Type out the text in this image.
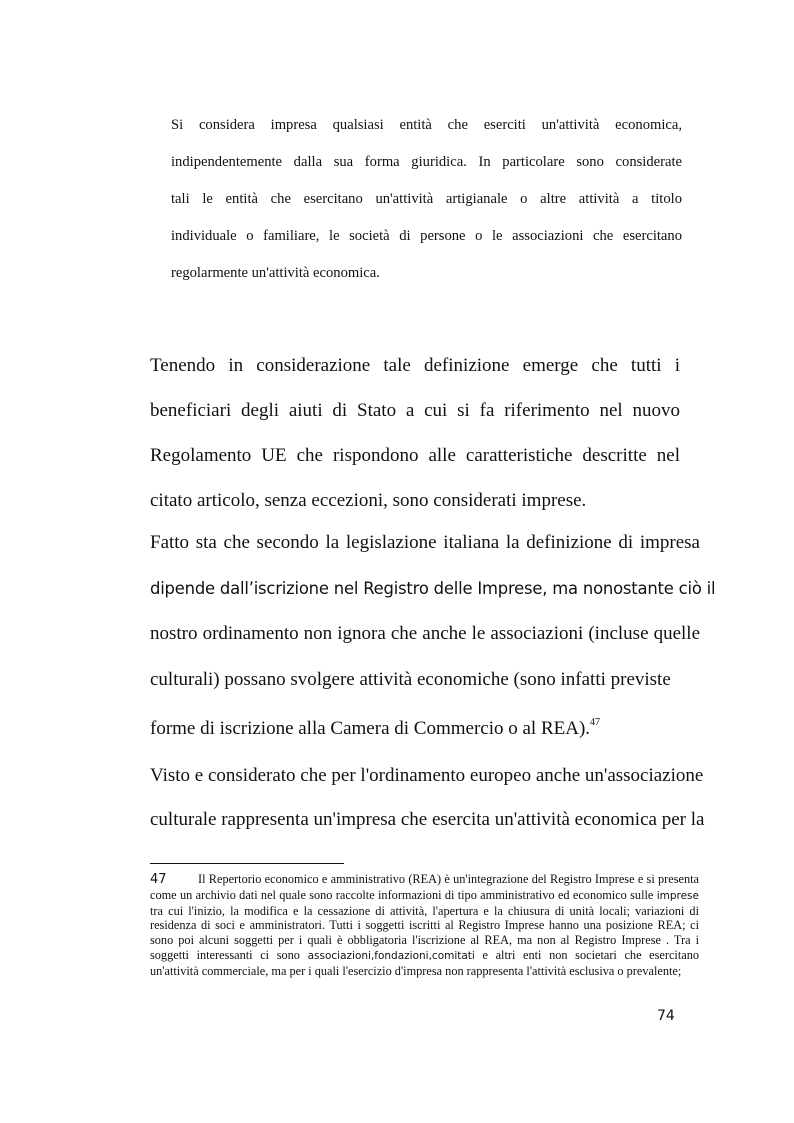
Si considera impresa qualsiasi entità che eserciti un'attività economica,
indipendentemente dalla sua forma giuridica. In particolare sono considerate
tali le entità che esercitano un'attività artigianale o altre attività a titolo
individuale o familiare, le società di persone o le associazioni che esercitano
regolarmente un'attività economica.

Tenendo in considerazione tale definizione emerge che tutti i
beneficiari degli aiuti di Stato a cui si fa riferimento nel nuovo
Regolamento UE che rispondono alle caratteristiche descritte nel
citato articolo, senza eccezioni, sono considerati imprese.

Fatto sta che secondo la legislazione italiana la definizione di impresa
dipende dall’iscrizione nel Registro delle Imprese, ma nonostante ciò il
nostro ordinamento non ignora che anche le associazioni (incluse quelle
culturali) possano svolgere attività economiche (sono infatti previste
forme di iscrizione alla Camera di Commercio o al REA).$^{47}$

Visto e considerato che per l'ordinamento europeo anche un'associazione
culturale rappresenta un'impresa che esercita un'attività economica per la

47	Il Repertorio economico e amministrativo (REA) è un'integrazione del Registro Imprese e si presenta come un archivio dati nel quale sono raccolte informazioni di tipo amministrativo ed economico sulle imprese tra cui l'inizio, la modifica e la cessazione di attività, l'apertura e la chiusura di unità locali; variazioni di residenza di soci e amministratori. Tutti i soggetti iscritti al Registro Imprese hanno una posizione REA; ci sono poi alcuni soggetti per i quali è obbligatoria l'iscrizione al REA, ma non al Registro Imprese . Tra i soggetti interessanti ci sono associazioni,fondazioni,comitati e altri enti non societari che esercitano un'attività commerciale, ma per i quali l'esercizio d'impresa non rappresenta l'attività esclusiva o prevalente;

74
